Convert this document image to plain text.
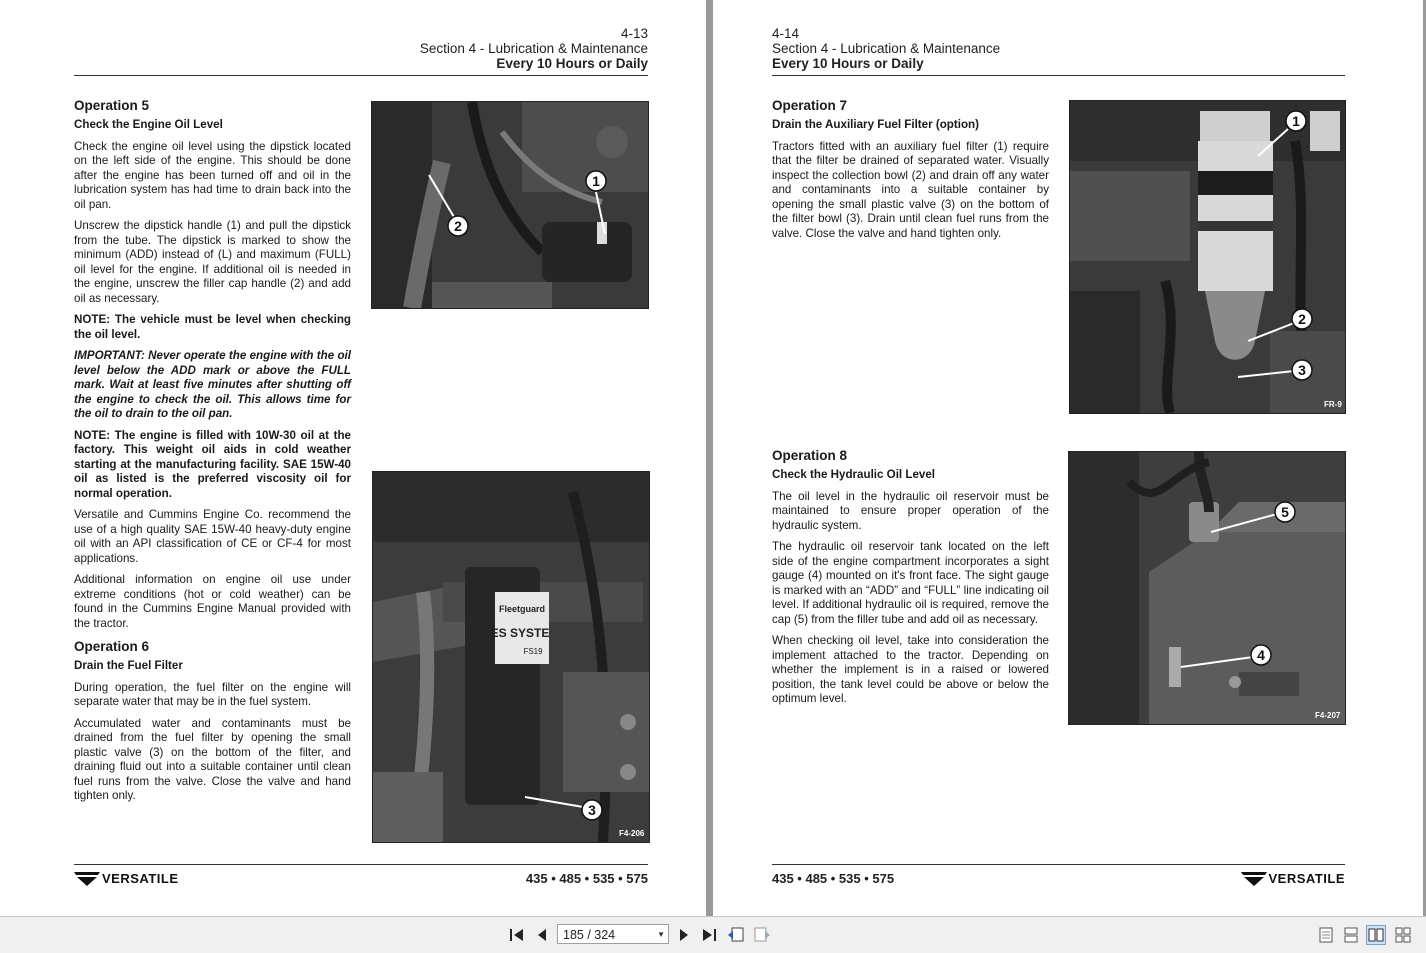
4-13
Section 4 - Lubrication & Maintenance
Every 10 Hours or Daily
Operation 5
Check the Engine Oil Level

Check the engine oil level using the dipstick located on the left side of the engine. This should be done after the engine has been turned off and oil in the lubrication system has had time to drain back into the oil pan.

Unscrew the dipstick handle (1) and pull the dipstick from the tube. The dipstick is marked to show the minimum (ADD) instead of (L) and maximum (FULL) oil level for the engine. If additional oil is needed in the engine, unscrew the filler cap handle (2) and add oil as necessary.

NOTE: The vehicle must be level when checking the oil level.

IMPORTANT: Never operate the engine with the oil level below the ADD mark or above the FULL mark. Wait at least five minutes after shutting off the engine to check the oil. This allows time for the oil to drain to the oil pan.

NOTE: The engine is filled with 10W-30 oil at the factory. This weight oil aids in cold weather starting at the manufacturing facility. SAE 15W-40 oil as listed is the preferred viscosity oil for normal operation.

Versatile and Cummins Engine Co. recommend the use of a high quality SAE 15W-40 heavy-duty engine oil with an API classification of CE or CF-4 for most applications.

Additional information on engine oil use under extreme conditions (hot or cold weather) can be found in the Cummins Engine Manual provided with the tractor.

Operation 6
Drain the Fuel Filter

During operation, the fuel filter on the engine will separate water that may be in the fuel system.

Accumulated water and contaminants must be drained from the fuel filter by opening the small plastic valve (3) on the bottom of the filter, and draining fluid out into a suitable container until clean fuel runs from the valve. Close the valve and hand tighten only.

1
2
Fleetguard
ES SYSTE
FS19
3
F4-206
VERSATILE	435 • 485 • 535 • 575
4-14
Section 4 - Lubrication & Maintenance
Every 10 Hours or Daily
Operation 7
Drain the Auxiliary Fuel Filter (option)

Tractors fitted with an auxiliary fuel filter (1) require that the filter be drained of separated water. Visually inspect the collection bowl (2) and drain off any water and contaminants into a suitable container by opening the small plastic valve (3) on the bottom of the filter bowl (3). Drain until clean fuel runs from the valve. Close the valve and hand tighten only.

Operation 8
Check the Hydraulic Oil Level

The oil level in the hydraulic oil reservoir must be maintained to ensure proper operation of the hydraulic system.

The hydraulic oil reservoir tank located on the left side of the engine compartment incorporates a sight gauge (4) mounted on it's front face. The sight gauge is marked with an “ADD” and “FULL” line indicating oil level. If additional hydraulic oil is required, remove the cap (5) from the filler tube and add oil as necessary.

When checking oil level, take into consideration the implement attached to the tractor. Depending on whether the implement is in a raised or lowered position, the tank level could be above or below the optimum level.

1
2
3
FR-9
5
4
F4-207
435 • 485 • 535 • 575	VERSATILE
185 / 324	▼
